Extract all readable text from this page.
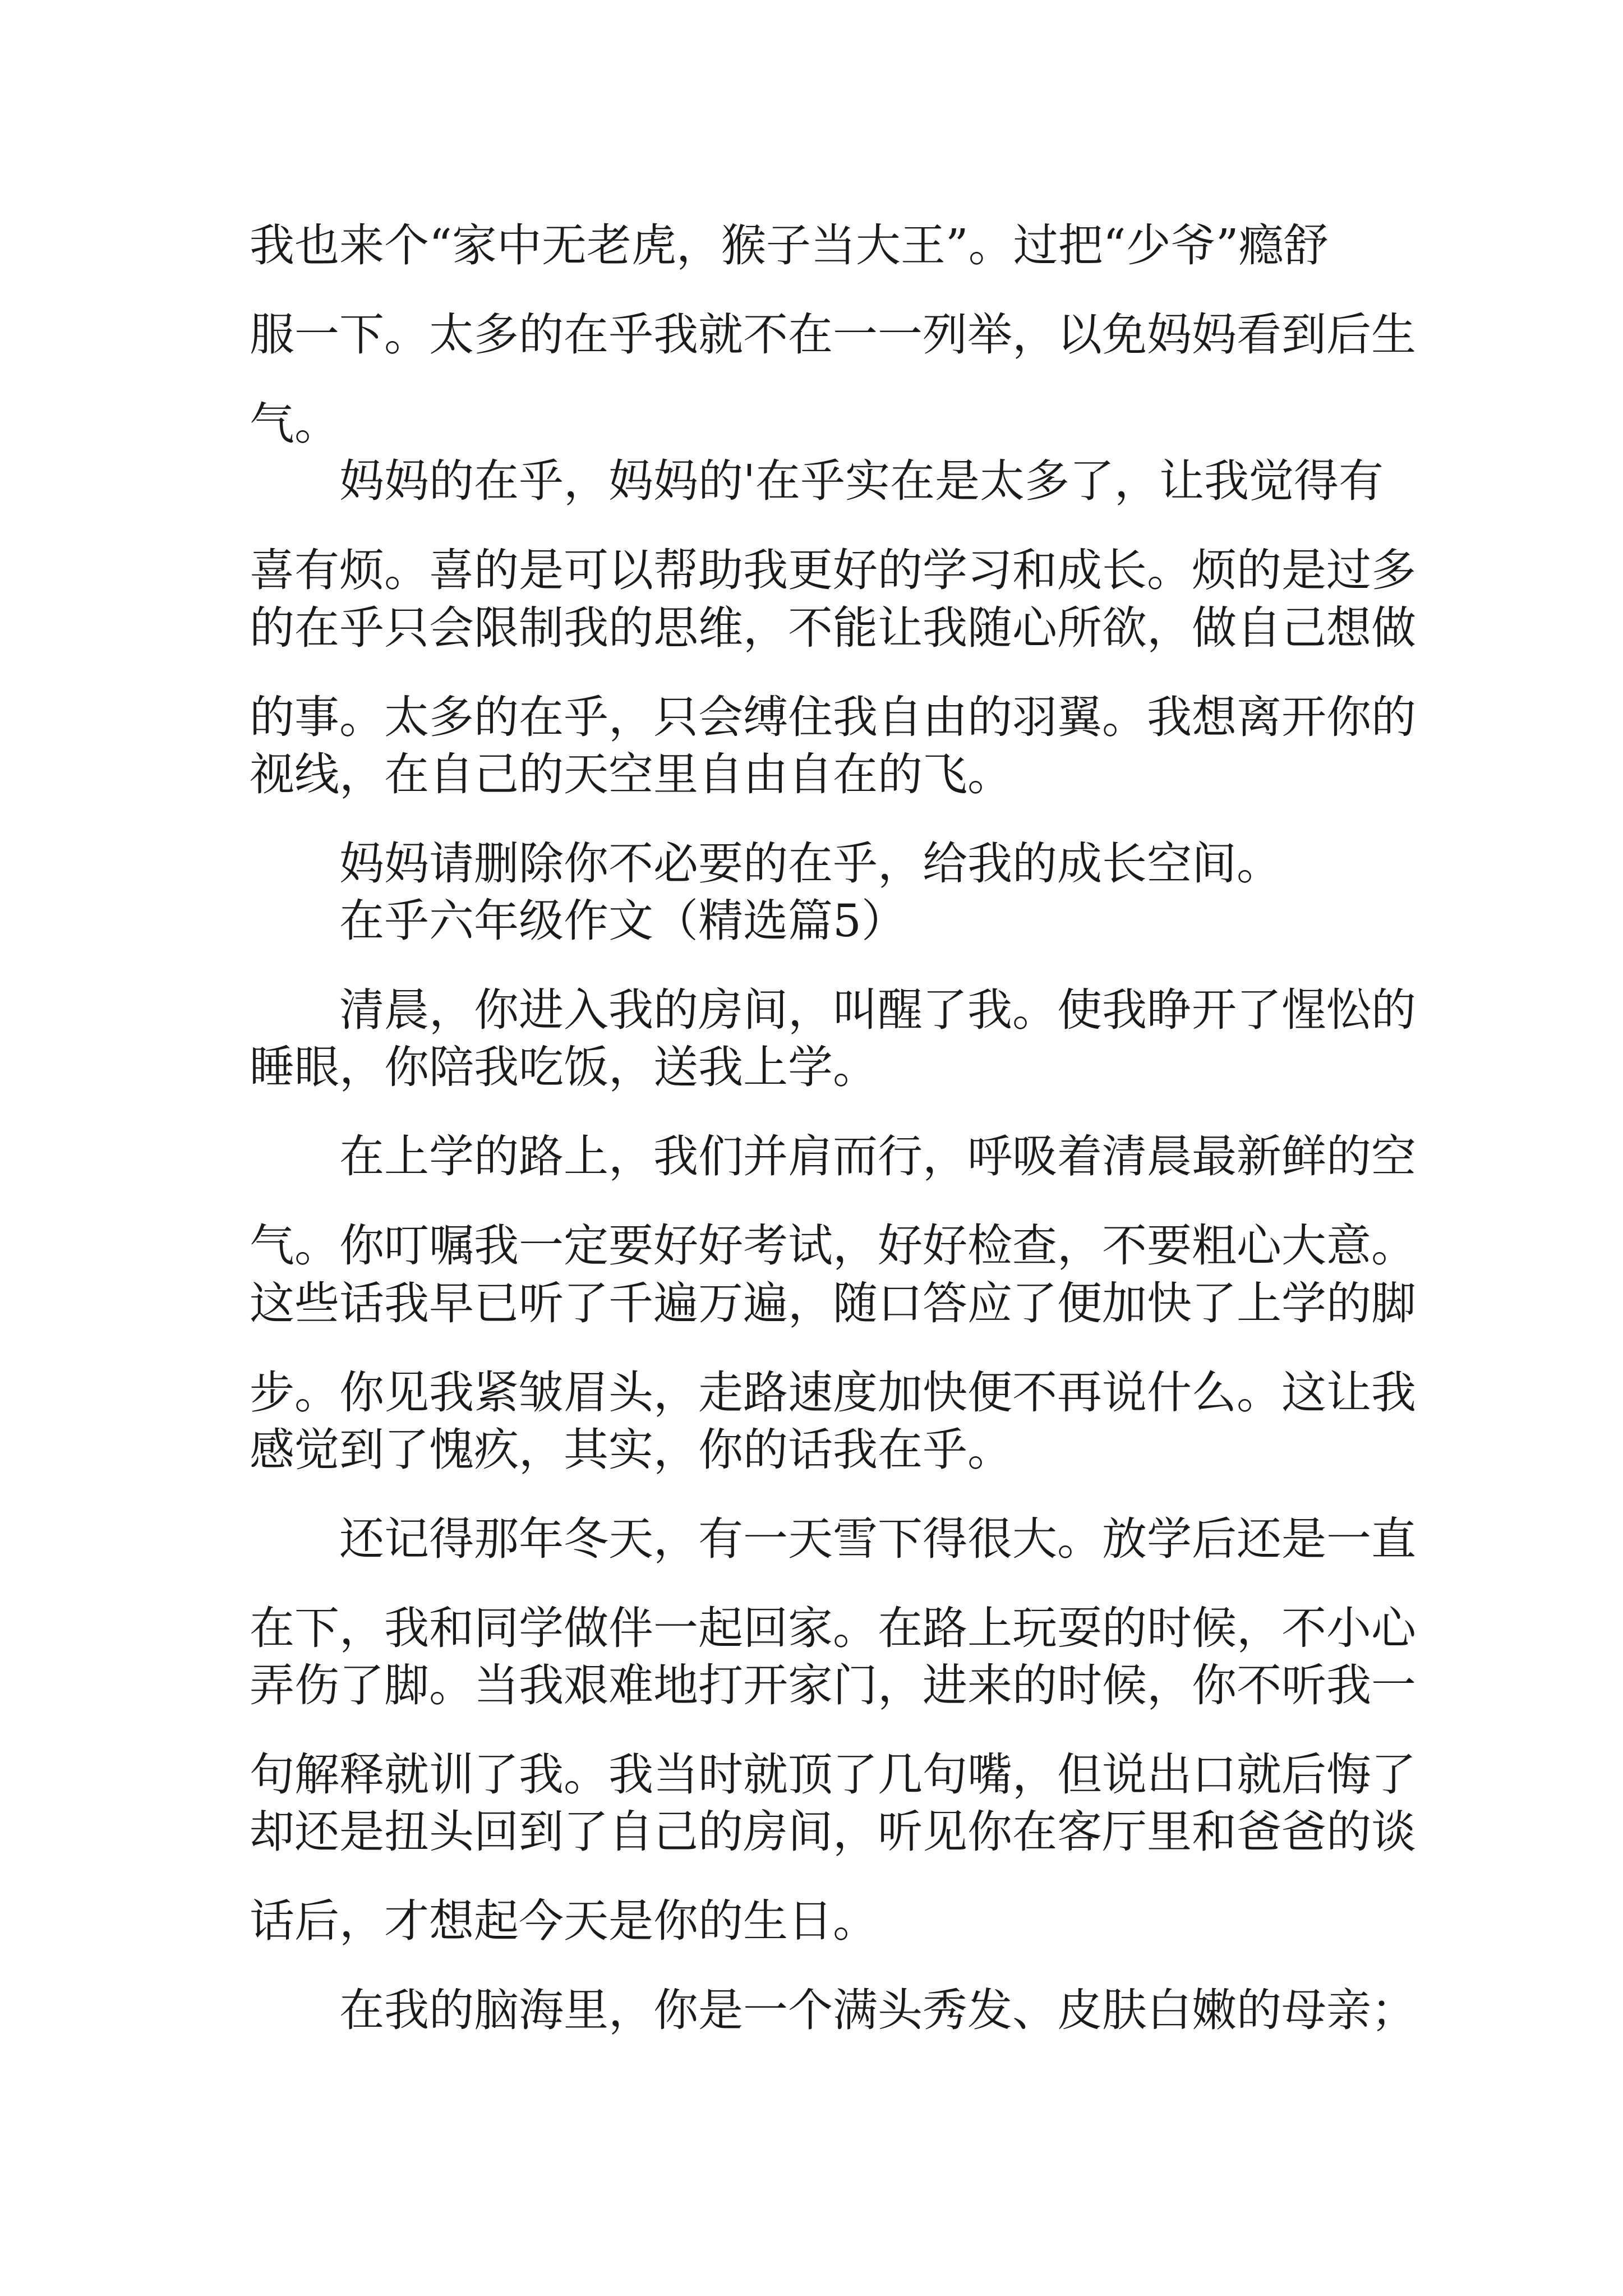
我也来个“家中无老虎，猴子当大王”。过把“少爷”瘾舒
服一下。太多的在乎我就不在一一列举，以免妈妈看到后生
气。
妈妈的在乎，妈妈的'在乎实在是太多了，让我觉得有
喜有烦。喜的是可以帮助我更好的学习和成长。烦的是过多
的在乎只会限制我的思维，不能让我随心所欲，做自己想做
的事。太多的在乎，只会缚住我自由的羽翼。我想离开你的
视线，在自己的天空里自由自在的飞。
妈妈请删除你不必要的在乎，给我的成长空间。
在乎六年级作文（精选篇5）
清晨，你进入我的房间，叫醒了我。使我睁开了惺忪的
睡眼，你陪我吃饭，送我上学。
在上学的路上，我们并肩而行，呼吸着清晨最新鲜的空
气。你叮嘱我一定要好好考试，好好检查，不要粗心大意。
这些话我早已听了千遍万遍，随口答应了便加快了上学的脚
步。你见我紧皱眉头，走路速度加快便不再说什么。这让我
感觉到了愧疚，其实，你的话我在乎。
还记得那年冬天，有一天雪下得很大。放学后还是一直
在下，我和同学做伴一起回家。在路上玩耍的时候，不小心
弄伤了脚。当我艰难地打开家门，进来的时候，你不听我一
句解释就训了我。我当时就顶了几句嘴，但说出口就后悔了
却还是扭头回到了自己的房间，听见你在客厅里和爸爸的谈
话后，才想起今天是你的生日。
在我的脑海里，你是一个满头秀发、皮肤白嫩的母亲；
